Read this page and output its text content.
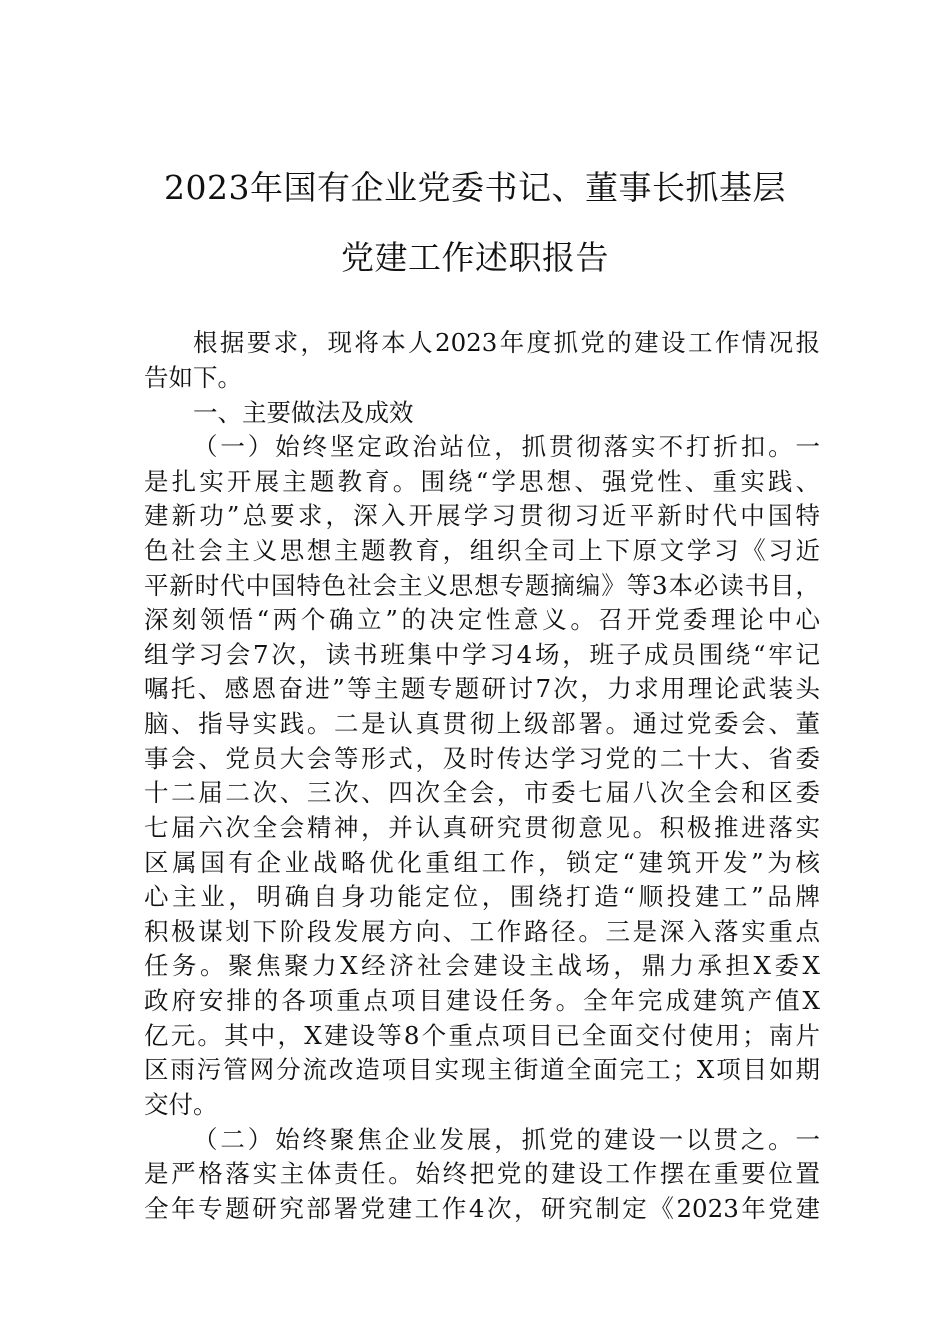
2023年国有企业党委书记、董事长抓基层
党建工作述职报告
根据要求，现将本人2023年度抓党的建设工作情况报
告如下。
一、主要做法及成效
（一）始终坚定政治站位，抓贯彻落实不打折扣。一
是扎实开展主题教育。围绕“学思想、强党性、重实践、
建新功”总要求，深入开展学习贯彻习近平新时代中国特
色社会主义思想主题教育，组织全司上下原文学习《习近
平新时代中国特色社会主义思想专题摘编》等3本必读书目，
深刻领悟“两个确立”的决定性意义。召开党委理论中心
组学习会7次，读书班集中学习4场，班子成员围绕“牢记
嘱托、感恩奋进”等主题专题研讨7次，力求用理论武装头
脑、指导实践。二是认真贯彻上级部署。通过党委会、董
事会、党员大会等形式，及时传达学习党的二十大、省委
十二届二次、三次、四次全会，市委七届八次全会和区委
七届六次全会精神，并认真研究贯彻意见。积极推进落实
区属国有企业战略优化重组工作，锁定“建筑开发”为核
心主业，明确自身功能定位，围绕打造“顺投建工”品牌
积极谋划下阶段发展方向、工作路径。三是深入落实重点
任务。聚焦聚力X经济社会建设主战场，鼎力承担X委X
政府安排的各项重点项目建设任务。全年完成建筑产值X
亿元。其中，X建设等8个重点项目已全面交付使用；南片
区雨污管网分流改造项目实现主街道全面完工；X项目如期
交付。
（二）始终聚焦企业发展，抓党的建设一以贯之。一
是严格落实主体责任。始终把党的建设工作摆在重要位置
全年专题研究部署党建工作4次，研究制定《2023年党建
